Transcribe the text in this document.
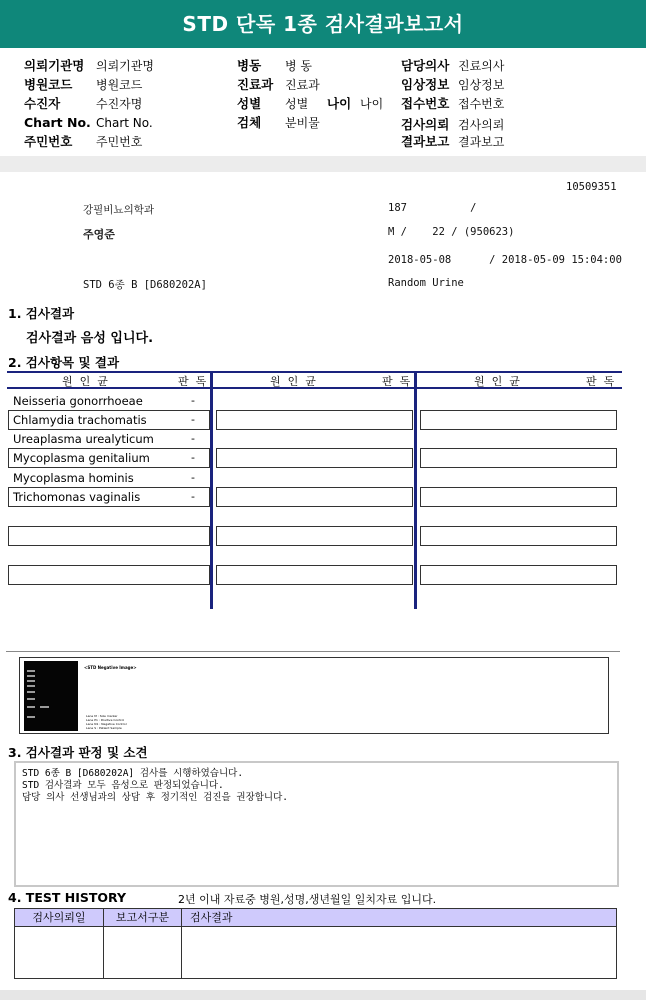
STD 단독 1종 검사결과보고서
의뢰기관명 의뢰기관명
병원코드 병원코드
수진자	수진자명
Chart No. Chart No.
주민번호 주민번호
병동 병 동
진료과 진료과
성별 성별 나이 나이
검체 분비물
담당의사 진료의사
임상정보 임상정보
접수번호 접수번호
검사의뢰 검사의뢰
결과보고 결과보고
10509351
강필비뇨의학과	187          /
주영준	M /    22 / (950623)
2018-05-08      / 2018-05-09 15:04:00
STD 6종 B [D680202A]	Random Urine
1. 검사결과
검사결과 음성 입니다.
2. 검사항목 및 결과
원  인  균	판  독	원  인  균	판  독	원  인  균	판  독
Neisseria gonorrhoeae	-
Chlamydia trachomatis	-
Ureaplasma urealyticum	-
Mycoplasma genitalium	-
Mycoplasma hominis	-
Trichomonas vaginalis	-
<STD Negative Image>
Lane M : Size marker
Lane P1 : Positive Control
Lane N1 : Negative Control
Lane S : Patient Sample
3. 검사결과 판정 및 소견
STD 6종 B [D680202A] 검사를 시행하였습니다.
STD 검사결과 모두 음성으로 판정되었습니다.
담당 의사 선생님과의 상담 후 정기적인 검진을 권장합니다.
4. TEST HISTORY	2년 이내 자료중 병원,성명,생년월일 일치자료 입니다.
검사의뢰일	보고서구분	검사결과
